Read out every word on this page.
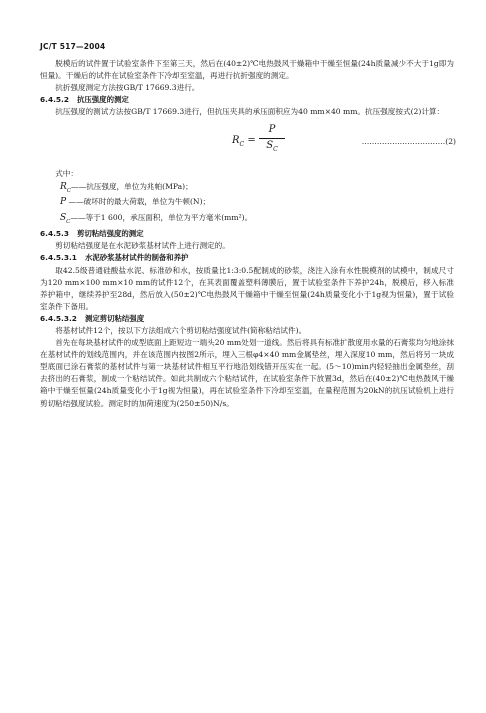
JC/T 517—2004

脱模后的试件置于试验室条件下至第三天，然后在(40±2)℃电热鼓风干燥箱中干燥至恒量(24h质量减少不大于1g即为恒量)。干燥后的试件在试验室条件下冷却至室温，再进行抗折强度的测定。

抗折强度测定方法按GB/T 17669.3进行。

6.4.5.2 抗压强度的测定

抗压强度的测试方法按GB/T 17669.3进行，但抗压夹具的承压面积应为40 mm×40 mm。抗压强度按式(2)计算：

$R_C = \frac{P}{S_C}$	……………………………(2)

式中：

$R_C——$抗压强度，单位为兆帕(MPa)；

P ——破坏时的最大荷载，单位为牛顿(N)；

$S_C——$等于1 600，承压面积，单位为平方毫米(mm²)。

6.4.5.3 剪切粘结强度的测定

剪切粘结强度是在水泥砂浆基材试件上进行测定的。

6.4.5.3.1 水泥砂浆基材试件的制备和养护

取42.5级普通硅酸盐水泥、标准砂和水，按质量比1:3:0.5配制成的砂浆，浇注入涂有水性脱模剂的试模中，制成尺寸为120 mm×100 mm×10 mm的试件12个，在其表面覆盖塑料薄膜后，置于试验室条件下养护24h，脱模后，移入标准养护箱中，继续养护至28d，然后放入(50±2)℃电热鼓风干燥箱中干燥至恒量(24h质量变化小于1g视为恒量)，置于试验室条件下备用。

6.4.5.3.2 测定剪切粘结强度

将基材试件12个，按以下方法组成六个剪切粘结强度试件(简称粘结试件)。

首先在每块基材试件的成型底面上距短边一端头20 mm处划一道线。然后将具有标准扩散度用水量的石膏浆均匀地涂抹在基材试件的划线范围内，并在该范围内按图2所示，埋入三根φ4×40 mm金属垫丝，埋入深度10 mm，然后将另一块成型底面已涂石膏浆的基材试件与第一块基材试件相互平行地沿划线错开压实在一起。(5～10)min内轻轻抽出金属垫丝，刮去挤出的石膏浆，制成一个粘结试件。如此共制成六个粘结试件，在试验室条件下放置3d，然后在(40±2)℃电热鼓风干燥箱中干燥至恒量(24h质量变化小于1g视为恒量)，再在试验室条件下冷却至室温，在量程范围为20kN的抗压试验机上进行剪切粘结强度试验。测定时的加荷速度为(250±50)N/s。
